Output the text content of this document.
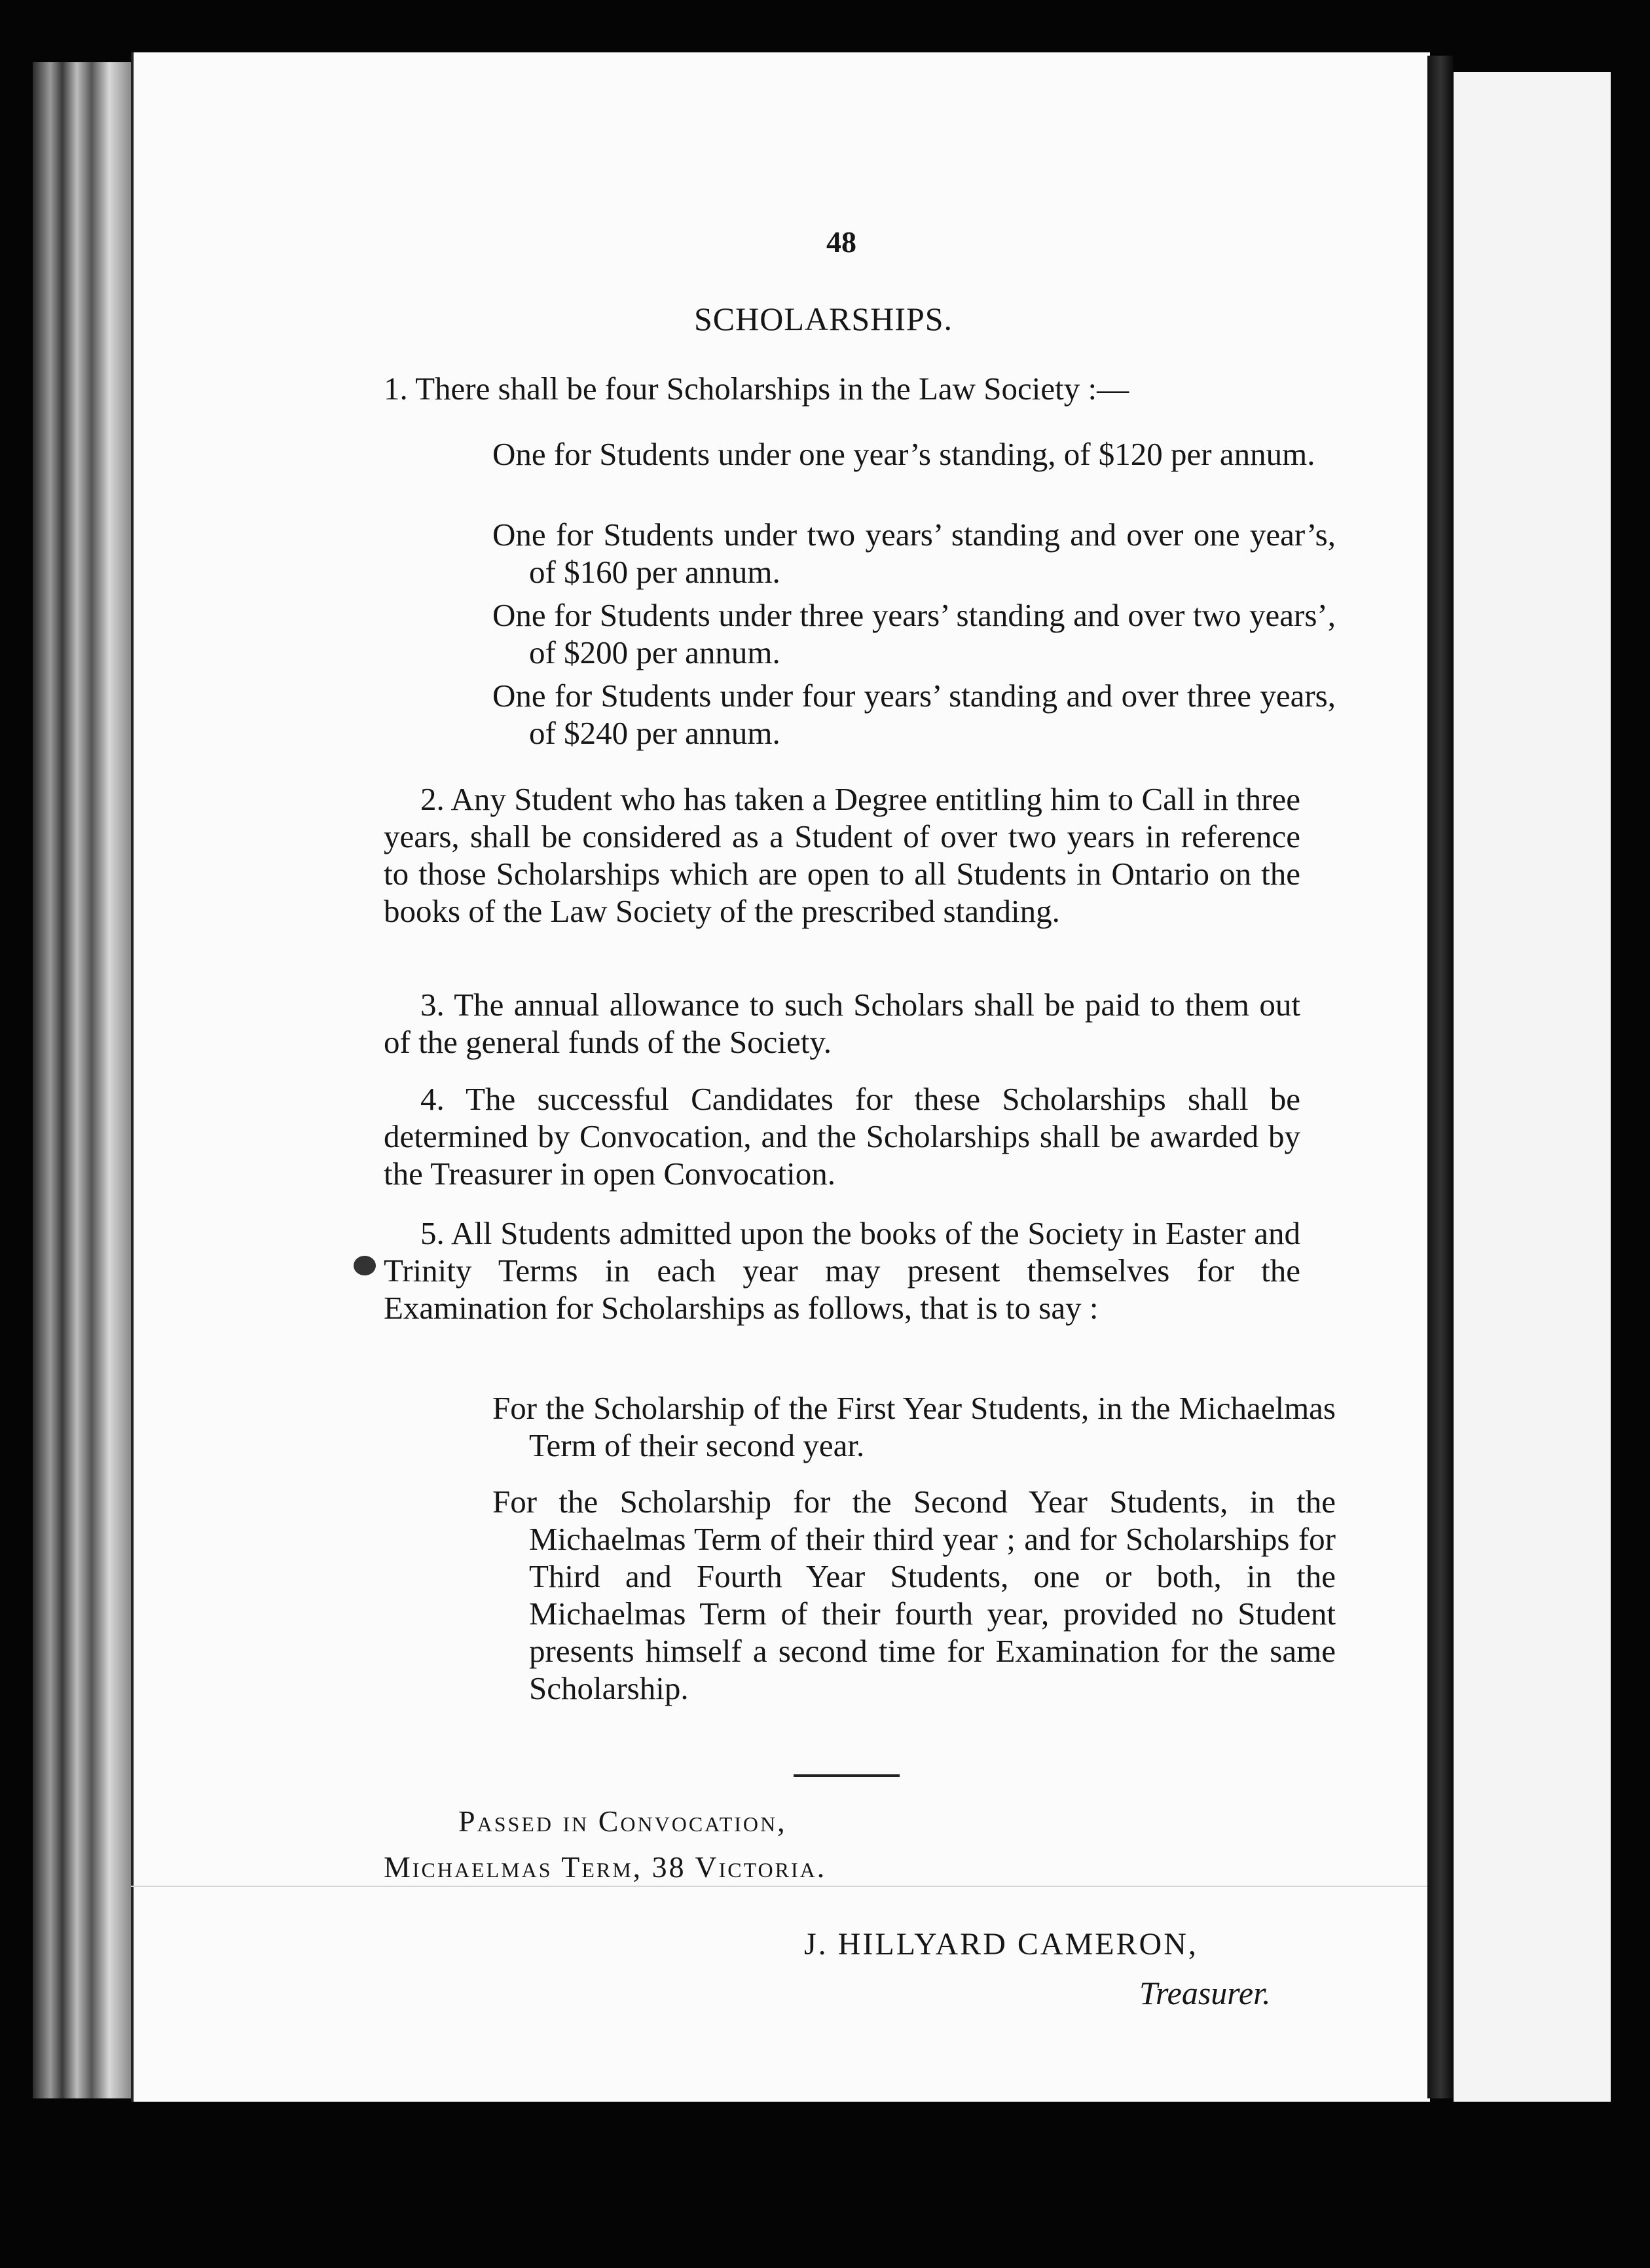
48
SCHOLARSHIPS.
1. There shall be four Scholarships in the Law Society :—
One for Students under one year’s standing, of $120 per annum.
One for Students under two years’ standing and over one year’s, of $160 per annum.
One for Students under three years’ standing and over two years’, of $200 per annum.
One for Students under four years’ standing and over three years, of $240 per annum.
2. Any Student who has taken a Degree entitling him to Call in three years, shall be considered as a Student of over two years in reference to those Scholarships which are open to all Students in Ontario on the books of the Law Society of the prescribed standing.
3. The annual allowance to such Scholars shall be paid to them out of the general funds of the Society.
4. The successful Candidates for these Scholarships shall be determined by Convocation, and the Scholarships shall be awarded by the Treasurer in open Convocation.
5. All Students admitted upon the books of the Society in Easter and Trinity Terms in each year may present themselves for the Examination for Scholarships as follows, that is to say :
For the Scholarship of the First Year Students, in the Michaelmas Term of their second year.
For the Scholarship for the Second Year Students, in the Michaelmas Term of their third year ; and for Scholarships for Third and Fourth Year Students, one or both, in the Michaelmas Term of their fourth year, provided no Student presents himself a second time for Examination for the same Scholarship.
Passed in Convocation,
Michaelmas Term, 38 Victoria.
J. HILLYARD CAMERON,
Treasurer.
